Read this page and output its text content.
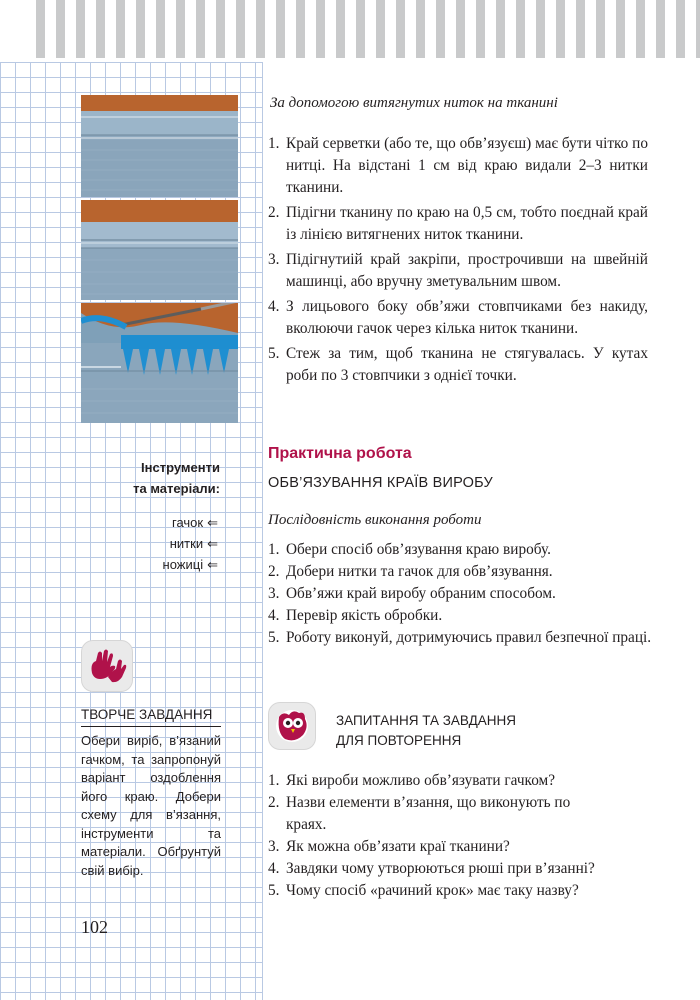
За допомогою витягнутих ниток на тканині
1. Край серветки (або те, що обв’язуєш) має бути чітко по нитці. На відстані 1 см від краю видали 2–3 нитки тканини.
2. Підігни тканину по краю на 0,5 см, тобто поєднай край із лінією витягнених ниток тканини.
3. Підігнутиій край закріпи, прострочивши на швейній машинці, або вручну зметувальним швом.
4. З лицьового боку обв’яжи стовпчиками без накиду, вколюючи гачок через кілька ниток тканини.
5. Стеж за тим, щоб тканина не стягувалась. У кутах роби по 3 стовпчики з однієї точки.
Інструменти
та матеріали:
гачок ⇐
нитки ⇐
ножиці ⇐
Практична робота
ОБВ’ЯЗУВАННЯ КРАЇВ ВИРОБУ
Послідовність виконання роботи
1. Обери спосіб обв’язування краю виробу.
2. Добери нитки та гачок для обв’язування.
3. Обв’яжи край виробу обраним способом.
4. Перевір якість обробки.
5. Роботу виконуй, дотримуючись правил безпечної праці.
ТВОРЧЕ ЗАВДАННЯ
Обери виріб, в’язаний гачком, та запропонуй варіант оздоблення його краю. Добери схему для в’язання, інструменти та матеріали. Обґрунтуй свій вибір.
ЗАПИТАННЯ ТА ЗАВДАННЯ
ДЛЯ ПОВТОРЕННЯ
1. Які вироби можливо обв’язувати гачком?
2. Назви елементи в’язання, що виконують по краях.
3. Як можна обв’язати краї тканини?
4. Завдяки чому утворюються рюші при в’язанні?
5. Чому спосіб «рачиний крок» має таку назву?
102
